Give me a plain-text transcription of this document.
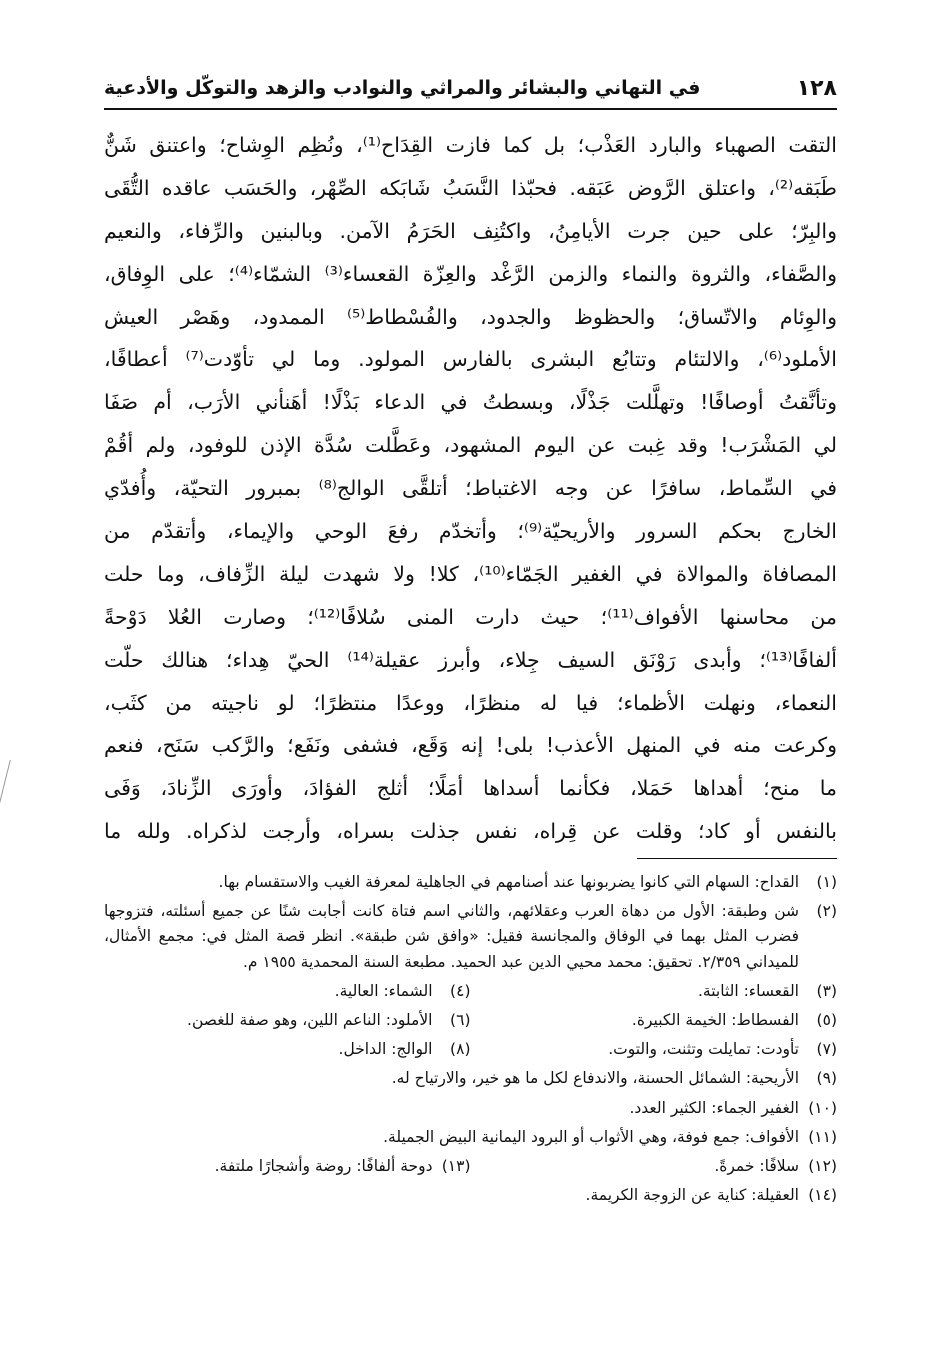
١٢٨
في التهاني والبشائر والمراثي والنوادب والزهد والتوكّل والأدعية
التقت الصهباء والبارد العَذْب؛ بل كما فازت القِدَاح⁽¹⁾، ونُظِم الوِشاح؛ واعتنق شَنٌّ
طَبَقه⁽²⁾، واعتلق الرَّوض عَبَقه. فحبّذا النَّسَبُ شَابَكه الصِّهْر، والحَسَب عاقده التُّقَى
والبِرّ؛ على حين جرت الأيامِنُ، واكتُنِف الحَرَمُ الآمن. وبالبنين والرِّفاء، والنعيم
والصَّفاء، والثروة والنماء والزمن الرَّغْد والعِزّة القعساء⁽³⁾ الشمّاء⁽⁴⁾؛ على الوِفاق،
والوِئام والاتّساق؛ والحظوظ والجدود، والفُسْطاط⁽⁵⁾ الممدود، وهَصْر العيش
الأملود⁽⁶⁾، والالتئام وتتابُع البشرى بالفارس المولود. وما لي تأوّدت⁽⁷⁾ أعطافًا،
وتأنَّقتُ أوصافًا! وتهلَّلت جَذْلًا، وبسطتُ في الدعاء بَذْلًا! أهَنأني الأرَب، أم صَفَا
لي المَشْرَب! وقد غِبت عن اليوم المشهود، وعَطَّلت سُدَّة الإذن للوفود، ولم أقُمْ
في السِّماط، سافرًا عن وجه الاغتباط؛ أتلقَّى الوالج⁽⁸⁾ بمبرور التحيّة، وأُفدّي
الخارج بحكم السرور والأريحيّة⁽⁹⁾؛ وأتخدّم رفعَ الوحي والإيماء، وأتقدّم من
المصافاة والموالاة في الغفير الجَمّاء⁽¹⁰⁾، كلا! ولا شهدت ليلة الزِّفاف، وما حلت
من محاسنها الأفواف⁽¹¹⁾؛ حيث دارت المنى سُلافًا⁽¹²⁾؛ وصارت العُلا دَوْحةً
ألفافًا⁽¹³⁾؛ وأبدى رَوْنَق السيف جِلاء، وأبرز عقيلة⁽¹⁴⁾ الحيّ هِداء؛ هنالك حلّت
النعماء، ونهلت الأظماء؛ فيا له منظرًا، ووعدًا منتظرًا؛ لو ناجيته من كثَب،
وكرعت منه في المنهل الأعذب! بلى! إنه وَقَع، فشفى ونَفَع؛ والرَّكب سَنَح، فنعم
ما منح؛ أهداها حَمَلا، فكأنما أسداها أمَلًا؛ أثلج الفؤادَ، وأورَى الزِّنادَ، وَفَى
بالنفس أو كاد؛ وقلت عن قِراه، نفس جذلت بسراه، وأرجت لذكراه. ولله ما
(١)
القداح: السهام التي كانوا يضربونها عند أصنامهم في الجاهلية لمعرفة الغيب والاستقسام بها.
(٢)
شن وطبقة: الأول من دهاة العرب وعقلائهم، والثاني اسم فتاة كانت أجابت شنًا عن جميع أسئلته، فتزوجها فضرب المثل بهما في الوفاق والمجانسة فقيل: «وافق شن طبقة». انظر قصة المثل في: مجمع الأمثال، للميداني ٢/٣٥٩. تحقيق: محمد محيي الدين عبد الحميد. مطبعة السنة المحمدية ١٩٥٥ م.
(٣)
القعساء: الثابتة.
(٤)
الشماء: العالية.
(٥)
الفسطاط: الخيمة الكبيرة.
(٦)
الأملود: الناعم اللين، وهو صفة للغصن.
(٧)
تأودت: تمايلت وتثنت، والتوت.
(٨)
الوالج: الداخل.
(٩)
الأريحية: الشمائل الحسنة، والاندفاع لكل ما هو خير، والارتياح له.
(١٠)
الغفير الجماء: الكثير العدد.
(١١)
الأفواف: جمع فوفة، وهي الأثواب أو البرود اليمانية البيض الجميلة.
(١٢)
سلافًا: خمرةً.
(١٣)
دوحة ألفافًا: روضة وأشجارًا ملتفة.
(١٤)
العقيلة: كناية عن الزوجة الكريمة.
